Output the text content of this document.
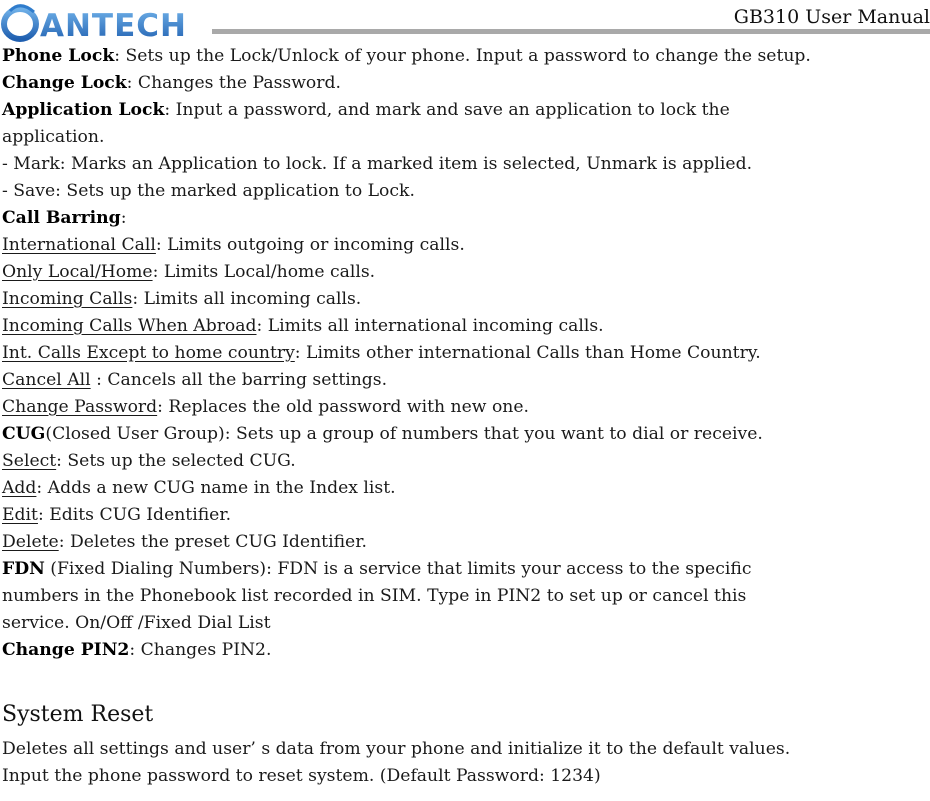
ANTECH	GB310 User Manual
Phone Lock: Sets up the Lock/Unlock of your phone. Input a password to change the setup.
Change Lock: Changes the Password.
Application Lock: Input a password, and mark and save an application to lock the
application.
- Mark: Marks an Application to lock. If a marked item is selected, Unmark is applied.
- Save: Sets up the marked application to Lock.
Call Barring:
International Call: Limits outgoing or incoming calls.
Only Local/Home: Limits Local/home calls.
Incoming Calls: Limits all incoming calls.
Incoming Calls When Abroad: Limits all international incoming calls.
Int. Calls Except to home country: Limits other international Calls than Home Country.
Cancel All : Cancels all the barring settings.
Change Password: Replaces the old password with new one.
CUG(Closed User Group): Sets up a group of numbers that you want to dial or receive.
Select: Sets up the selected CUG.
Add: Adds a new CUG name in the Index list.
Edit: Edits CUG Identifier.
Delete: Deletes the preset CUG Identifier.
FDN (Fixed Dialing Numbers): FDN is a service that limits your access to the specific
numbers in the Phonebook list recorded in SIM. Type in PIN2 to set up or cancel this
service. On/Off /Fixed Dial List
Change PIN2: Changes PIN2.
System Reset
Deletes all settings and user’ s data from your phone and initialize it to the default values.
Input the phone password to reset system. (Default Password: 1234)
